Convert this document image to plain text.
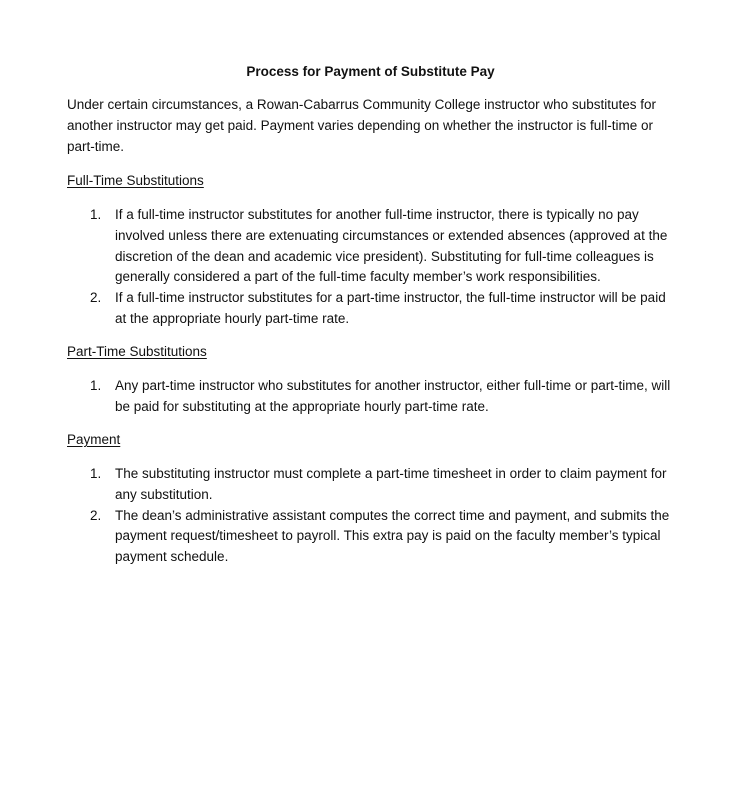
Process for Payment of Substitute Pay
Under certain circumstances, a Rowan-Cabarrus Community College instructor who substitutes for another instructor may get paid. Payment varies depending on whether the instructor is full-time or part-time.
Full-Time Substitutions
1. If a full-time instructor substitutes for another full-time instructor, there is typically no pay involved unless there are extenuating circumstances or extended absences (approved at the discretion of the dean and academic vice president). Substituting for full-time colleagues is generally considered a part of the full-time faculty member’s work responsibilities.
2. If a full-time instructor substitutes for a part-time instructor, the full-time instructor will be paid at the appropriate hourly part-time rate.
Part-Time Substitutions
1. Any part-time instructor who substitutes for another instructor, either full-time or part-time, will be paid for substituting at the appropriate hourly part-time rate.
Payment
1. The substituting instructor must complete a part-time timesheet in order to claim payment for any substitution.
2. The dean’s administrative assistant computes the correct time and payment, and submits the payment request/timesheet to payroll. This extra pay is paid on the faculty member’s typical payment schedule.
